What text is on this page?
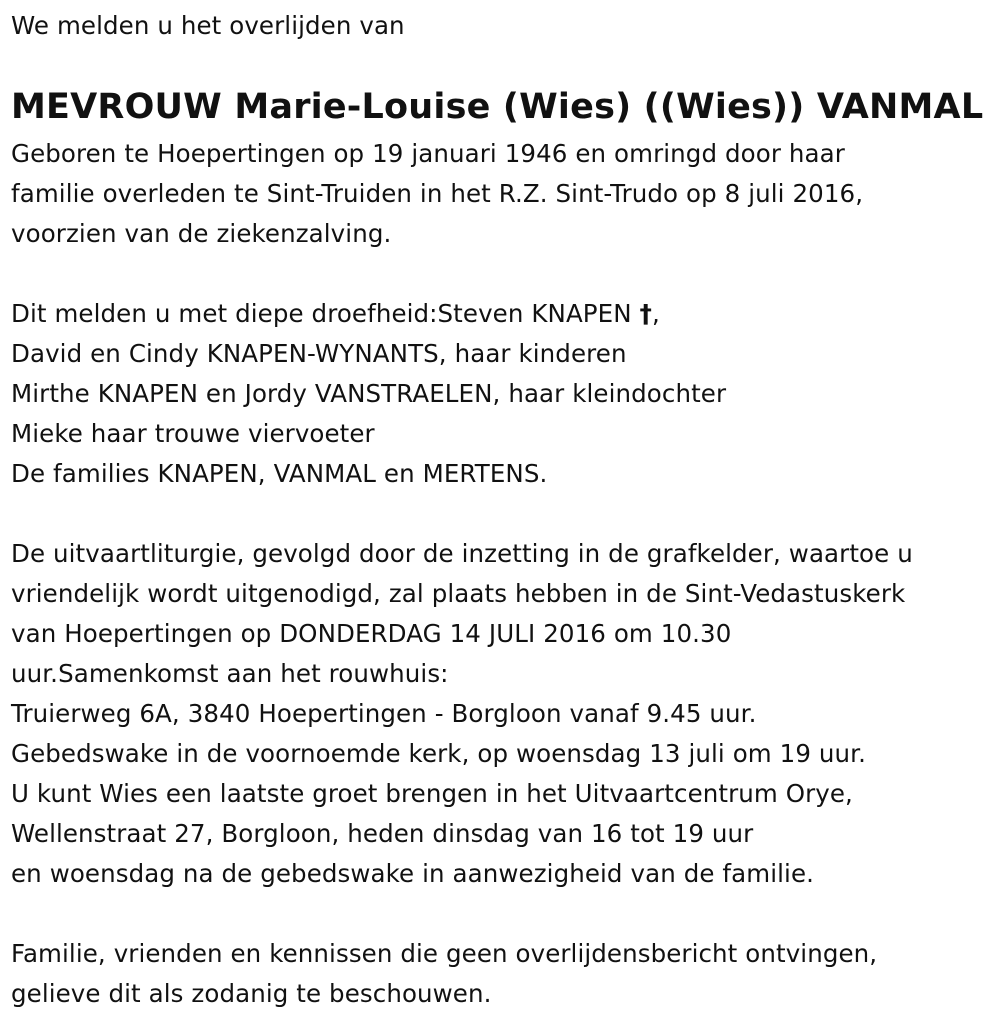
We melden u het overlijden van
MEVROUW Marie-Louise (Wies) ((Wies)) VANMAL
Geboren te Hoepertingen op 19 januari 1946 en omringd door haar
familie overleden te Sint-Truiden in het R.Z. Sint-Trudo op 8 juli 2016,
voorzien van de ziekenzalving.
Dit melden u met diepe droefheid:Steven KNAPEN †,
David en Cindy KNAPEN-WYNANTS, haar kinderen
Mirthe KNAPEN en Jordy VANSTRAELEN, haar kleindochter
Mieke haar trouwe viervoeter
De families KNAPEN, VANMAL en MERTENS.
De uitvaartliturgie, gevolgd door de inzetting in de grafkelder, waartoe u
vriendelijk wordt uitgenodigd, zal plaats hebben in de Sint-Vedastuskerk
van Hoepertingen op DONDERDAG 14 JULI 2016 om 10.30
uur.Samenkomst aan het rouwhuis:
Truierweg 6A, 3840 Hoepertingen - Borgloon vanaf 9.45 uur.
Gebedswake in de voornoemde kerk, op woensdag 13 juli om 19 uur.
U kunt Wies een laatste groet brengen in het Uitvaartcentrum Orye,
Wellenstraat 27, Borgloon, heden dinsdag van 16 tot 19 uur
en woensdag na de gebedswake in aanwezigheid van de familie.
Familie, vrienden en kennissen die geen overlijdensbericht ontvingen,
gelieve dit als zodanig te beschouwen.
